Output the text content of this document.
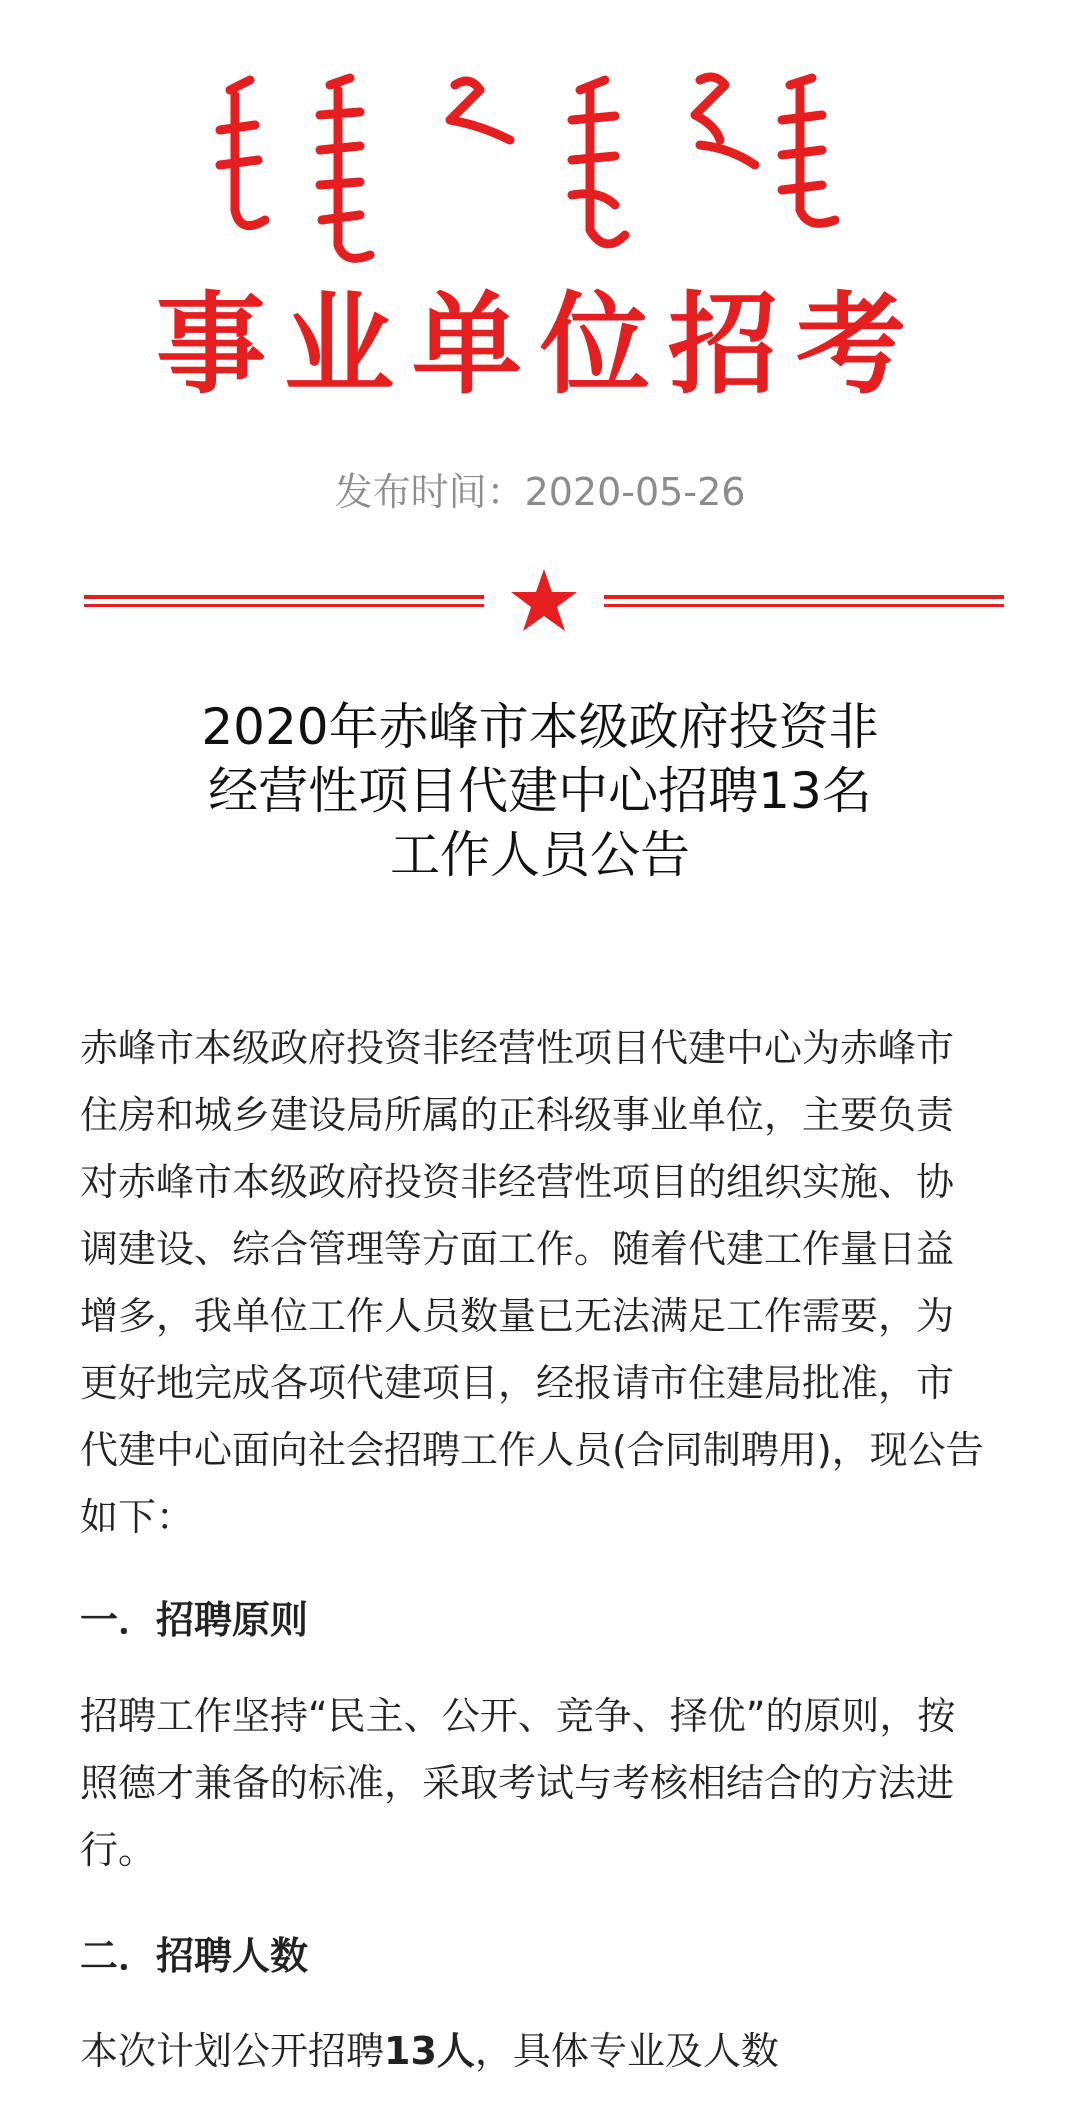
事业单位招考
发布时间：2020-05-26
2020年赤峰市本级政府投资非
经营性项目代建中心招聘13名
工作人员公告
赤峰市本级政府投资非经营性项目代建中心为赤峰市
住房和城乡建设局所属的正科级事业单位，主要负责
对赤峰市本级政府投资非经营性项目的组织实施、协
调建设、综合管理等方面工作。随着代建工作量日益
增多，我单位工作人员数量已无法满足工作需要，为
更好地完成各项代建项目，经报请市住建局批准，市
代建中心面向社会招聘工作人员(合同制聘用)，现公告
如下：
一．招聘原则
招聘工作坚持“民主、公开、竞争、择优”的原则，按
照德才兼备的标准，采取考试与考核相结合的方法进
行。
二．招聘人数
本次计划公开招聘13人，具体专业及人数
